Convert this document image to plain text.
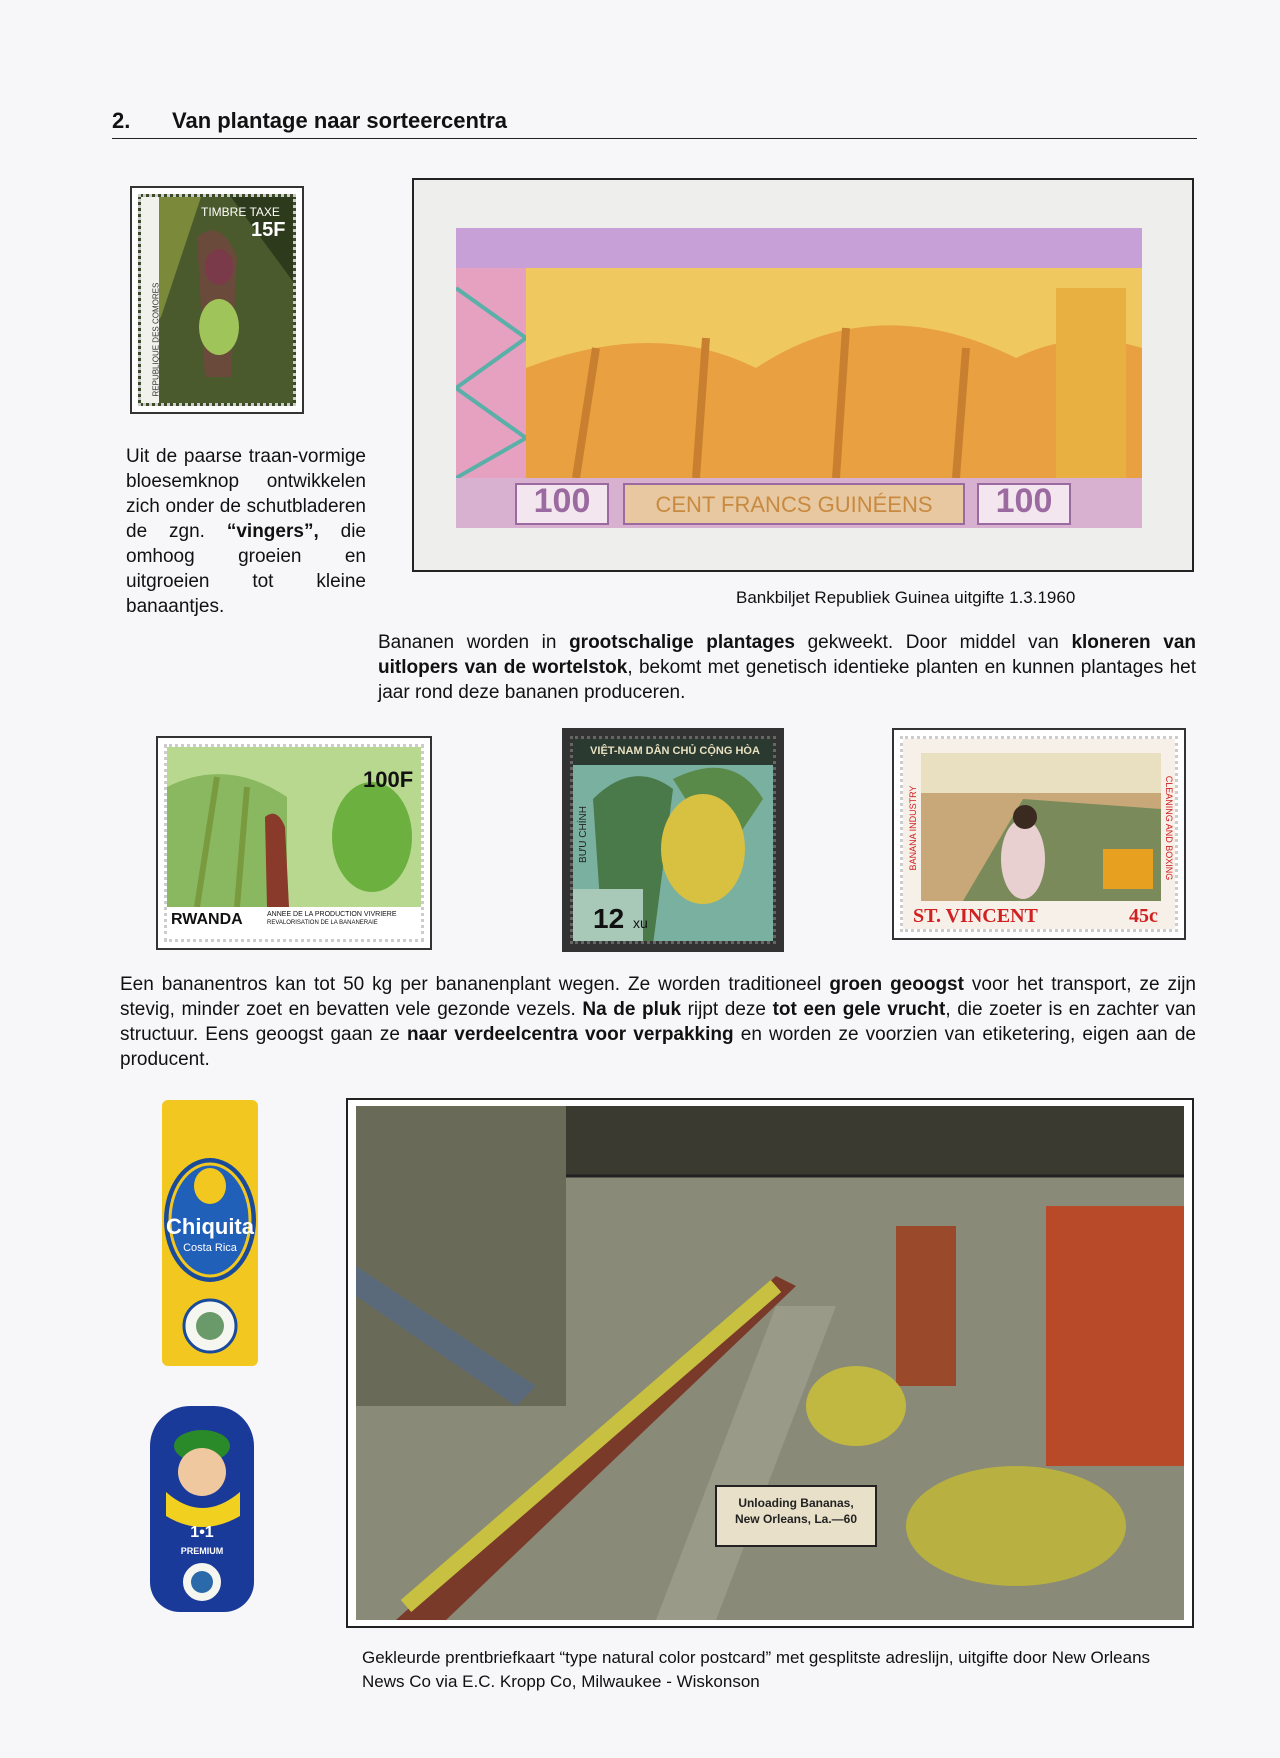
2. Van plantage naar sorteercentra
TIMBRE TAXE
15F
REPUBLIQUE DES COMORES
100	CENT FRANCS GUINÉENS	100
Bankbiljet Republiek Guinea uitgifte 1.3.1960
Uit de paarse traan-vormige bloesemknop ontwikkelen zich onder de schutbladeren de zgn. “vingers”, die omhoog groeien en uitgroeien tot kleine banaantjes.
Bananen worden in grootschalige plantages gekweekt. Door middel van kloneren van uitlopers van de wortelstok, bekomt met genetisch identieke planten en kunnen plantages het jaar rond deze bananen produceren.
100F
RWANDA	ANNEE DE LA PRODUCTION VIVRIERE
REVALORISATION DE LA BANANERAIE
VIỆT-NAM DÂN CHỦ CỘNG HÒA
BƯU CHÍNH
12 xu	ST. VINCENT	45c
BANANA INDUSTRY	CLEANING AND BOXING
Een bananentros kan tot 50 kg per bananenplant wegen. Ze worden traditioneel groen geoogst voor het transport, ze zijn stevig, minder zoet en bevatten vele gezonde vezels. Na de pluk rijpt deze tot een gele vrucht, die zoeter is en zachter van structuur. Eens geoogst gaan ze naar verdeelcentra voor verpakking en worden ze voorzien van etiketering, eigen aan de producent.
Chiquita
Costa Rica
1•1
PREMIUM
Unloading Bananas,
New Orleans, La.—60
Gekleurde prentbriefkaart “type natural color postcard” met gesplitste adreslijn, uitgifte door New Orleans News Co via E.C. Kropp Co, Milwaukee - Wiskonson
